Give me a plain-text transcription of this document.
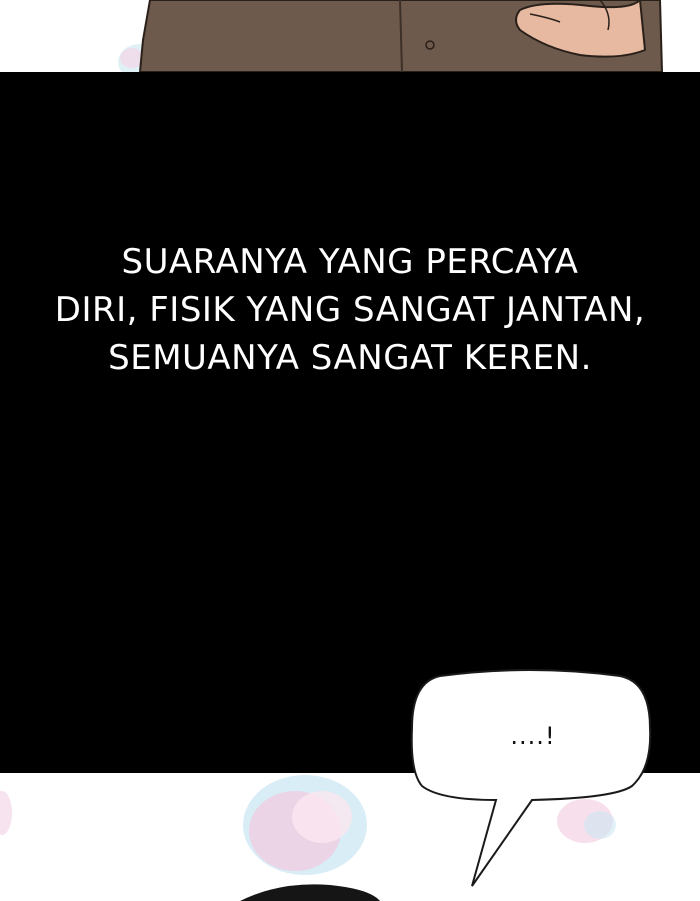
SUARANYA YANG PERCAYA
DIRI, FISIK YANG SANGAT JANTAN,
SEMUANYA SANGAT KEREN.
....!
